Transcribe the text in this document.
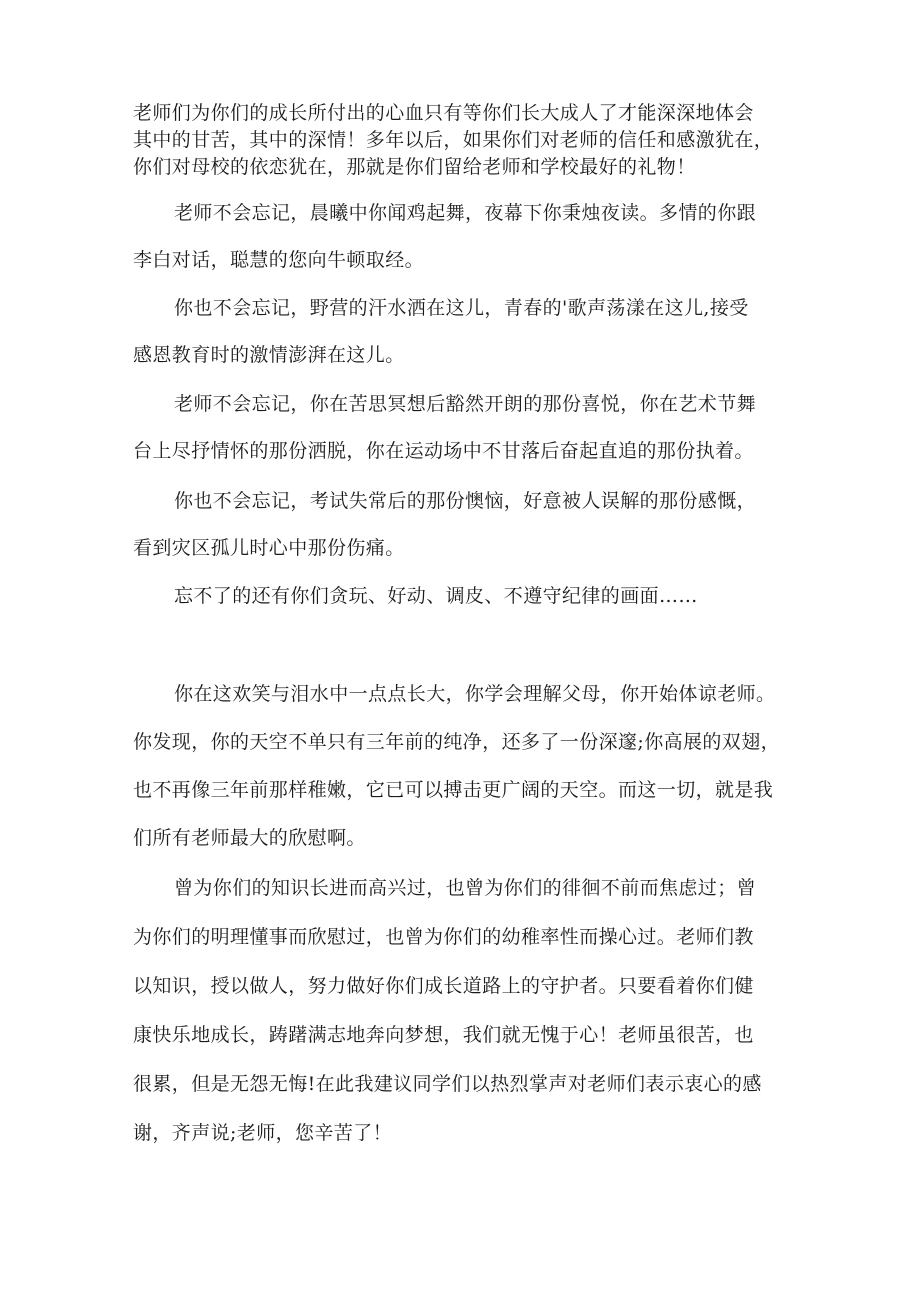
老师们为你们的成长所付出的心血只有等你们长大成人了才能深深地体会
其中的甘苦，其中的深情！多年以后，如果你们对老师的信任和感激犹在，
你们对母校的依恋犹在，那就是你们留给老师和学校最好的礼物！
老师不会忘记，晨曦中你闻鸡起舞，夜幕下你秉烛夜读。多情的你跟
李白对话，聪慧的您向牛顿取经。
你也不会忘记，野营的汗水洒在这儿，青春的'歌声荡漾在这儿,接受
感恩教育时的激情澎湃在这儿。
老师不会忘记，你在苦思冥想后豁然开朗的那份喜悦，你在艺术节舞
台上尽抒情怀的那份洒脱，你在运动场中不甘落后奋起直追的那份执着。
你也不会忘记，考试失常后的那份懊恼，好意被人误解的那份感慨，
看到灾区孤儿时心中那份伤痛。
忘不了的还有你们贪玩、好动、调皮、不遵守纪律的画面……
你在这欢笑与泪水中一点点长大，你学会理解父母，你开始体谅老师。
你发现，你的天空不单只有三年前的纯净，还多了一份深邃;你高展的双翅，
也不再像三年前那样稚嫩，它已可以搏击更广阔的天空。而这一切，就是我
们所有老师最大的欣慰啊。
曾为你们的知识长进而高兴过，也曾为你们的徘徊不前而焦虑过；曾
为你们的明理懂事而欣慰过，也曾为你们的幼稚率性而操心过。老师们教
以知识，授以做人，努力做好你们成长道路上的守护者。只要看着你们健
康快乐地成长，踌躇满志地奔向梦想，我们就无愧于心！老师虽很苦，也
很累，但是无怨无悔!在此我建议同学们以热烈掌声对老师们表示衷心的感
谢，齐声说;老师，您辛苦了！
